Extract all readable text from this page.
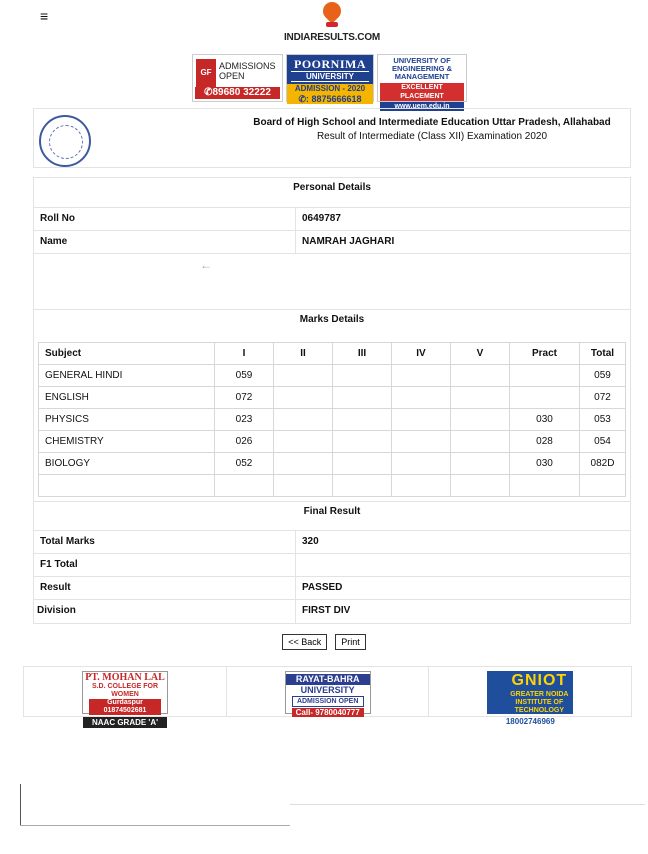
≡
INDIARESULTS.COM
GF
ADMISSIONS
OPEN
✆89680 32222
POORNIMA
UNIVERSITY
ADMISSION - 2020
✆: 8875666618
UNIVERSITY OF
ENGINEERING &
MANAGEMENT
EXCELLENT PLACEMENT
www.uem.edu.in
Board of High School and Intermediate Education Uttar Pradesh, Allahabad
Result of Intermediate (Class XII) Examination 2020
Personal Details
Roll No	0649787
Name	NAMRAH JAGHARI
←
Marks Details
Subject	I	II	III	IV	V	Pract	Total
GENERAL HINDI	059						059
ENGLISH	072						072
PHYSICS	023					030	053
CHEMISTRY	026					028	054
BIOLOGY	052					030	082D

Final Result
Total Marks	320
F1 Total
Result	PASSED
Division	FIRST DIV
<< Back Print
PT. MOHAN LAL
S.D. COLLEGE FOR WOMEN
Gurdaspur 01874502681
NAAC GRADE 'A'
RAYAT-BAHRA
UNIVERSITY
ADMISSION OPEN
Call- 9780040777
GNIOT
GREATER NOIDA INSTITUTE OF TECHNOLOGY
18002746969
